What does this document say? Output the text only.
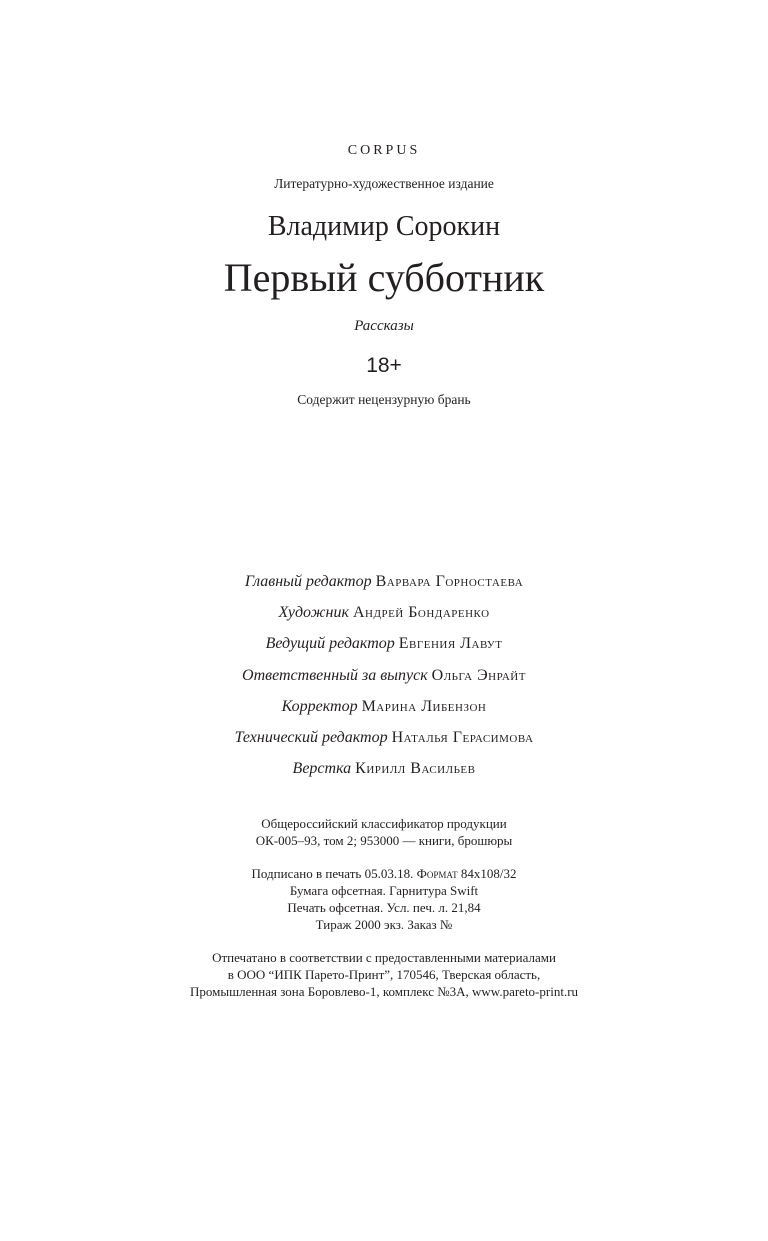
CORPUS
Литературно-художественное издание
Владимир Сорокин
Первый субботник
Рассказы
18+
Содержит нецензурную брань
Главный редактор Варвара Горностаева
Художник Андрей Бондаренко
Ведущий редактор Евгения Лавут
Ответственный за выпуск Ольга Энрайт
Корректор Марина Либензон
Технический редактор Наталья Герасимова
Верстка Кирилл Васильев
Общероссийский классификатор продукции
ОК-005–93, том 2; 953000 — книги, брошюры
Подписано в печать 05.03.18. Формат 84x108/32
Бумага офсетная. Гарнитура Swift
Печать офсетная. Усл. печ. л. 21,84
Тираж 2000 экз. Заказ №
Отпечатано в соответствии с предоставленными материалами
в ООО “ИПК Парето-Принт”, 170546, Тверская область,
Промышленная зона Боровлево-1, комплекс №3А, www.pareto-print.ru
